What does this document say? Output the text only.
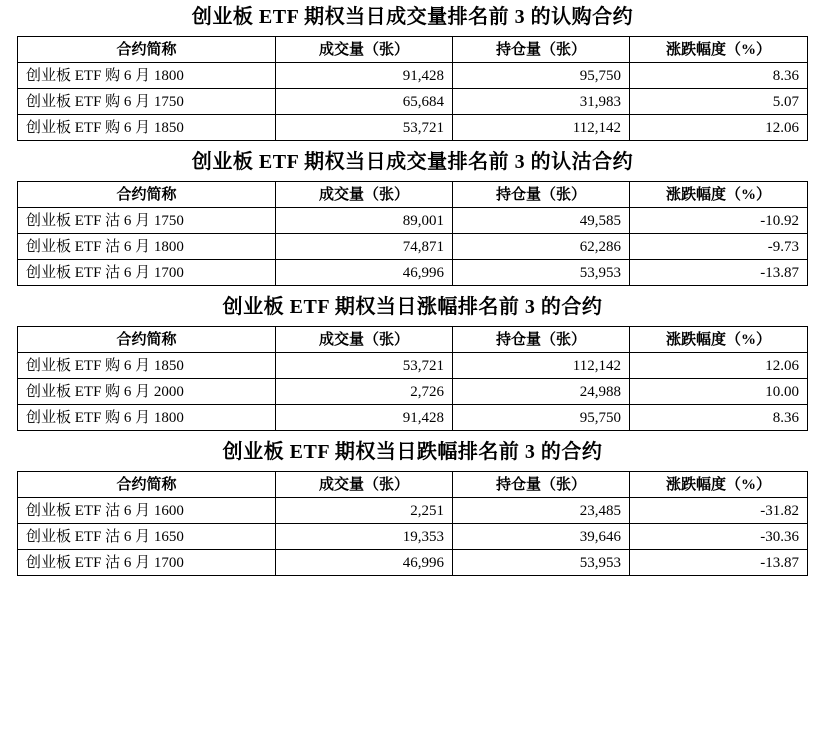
创业板 ETF 期权当日成交量排名前 3 的认购合约
合约简称	成交量（张）	持仓量（张）	涨跌幅度（%）
创业板 ETF 购 6 月 1800	91,428	95,750	8.36
创业板 ETF 购 6 月 1750	65,684	31,983	5.07
创业板 ETF 购 6 月 1850	53,721	112,142	12.06
创业板 ETF 期权当日成交量排名前 3 的认沽合约
合约简称	成交量（张）	持仓量（张）	涨跌幅度（%）
创业板 ETF 沽 6 月 1750	89,001	49,585	-10.92
创业板 ETF 沽 6 月 1800	74,871	62,286	-9.73
创业板 ETF 沽 6 月 1700	46,996	53,953	-13.87
创业板 ETF 期权当日涨幅排名前 3 的合约
合约简称	成交量（张）	持仓量（张）	涨跌幅度（%）
创业板 ETF 购 6 月 1850	53,721	112,142	12.06
创业板 ETF 购 6 月 2000	2,726	24,988	10.00
创业板 ETF 购 6 月 1800	91,428	95,750	8.36
创业板 ETF 期权当日跌幅排名前 3 的合约
合约简称	成交量（张）	持仓量（张）	涨跌幅度（%）
创业板 ETF 沽 6 月 1600	2,251	23,485	-31.82
创业板 ETF 沽 6 月 1650	19,353	39,646	-30.36
创业板 ETF 沽 6 月 1700	46,996	53,953	-13.87
